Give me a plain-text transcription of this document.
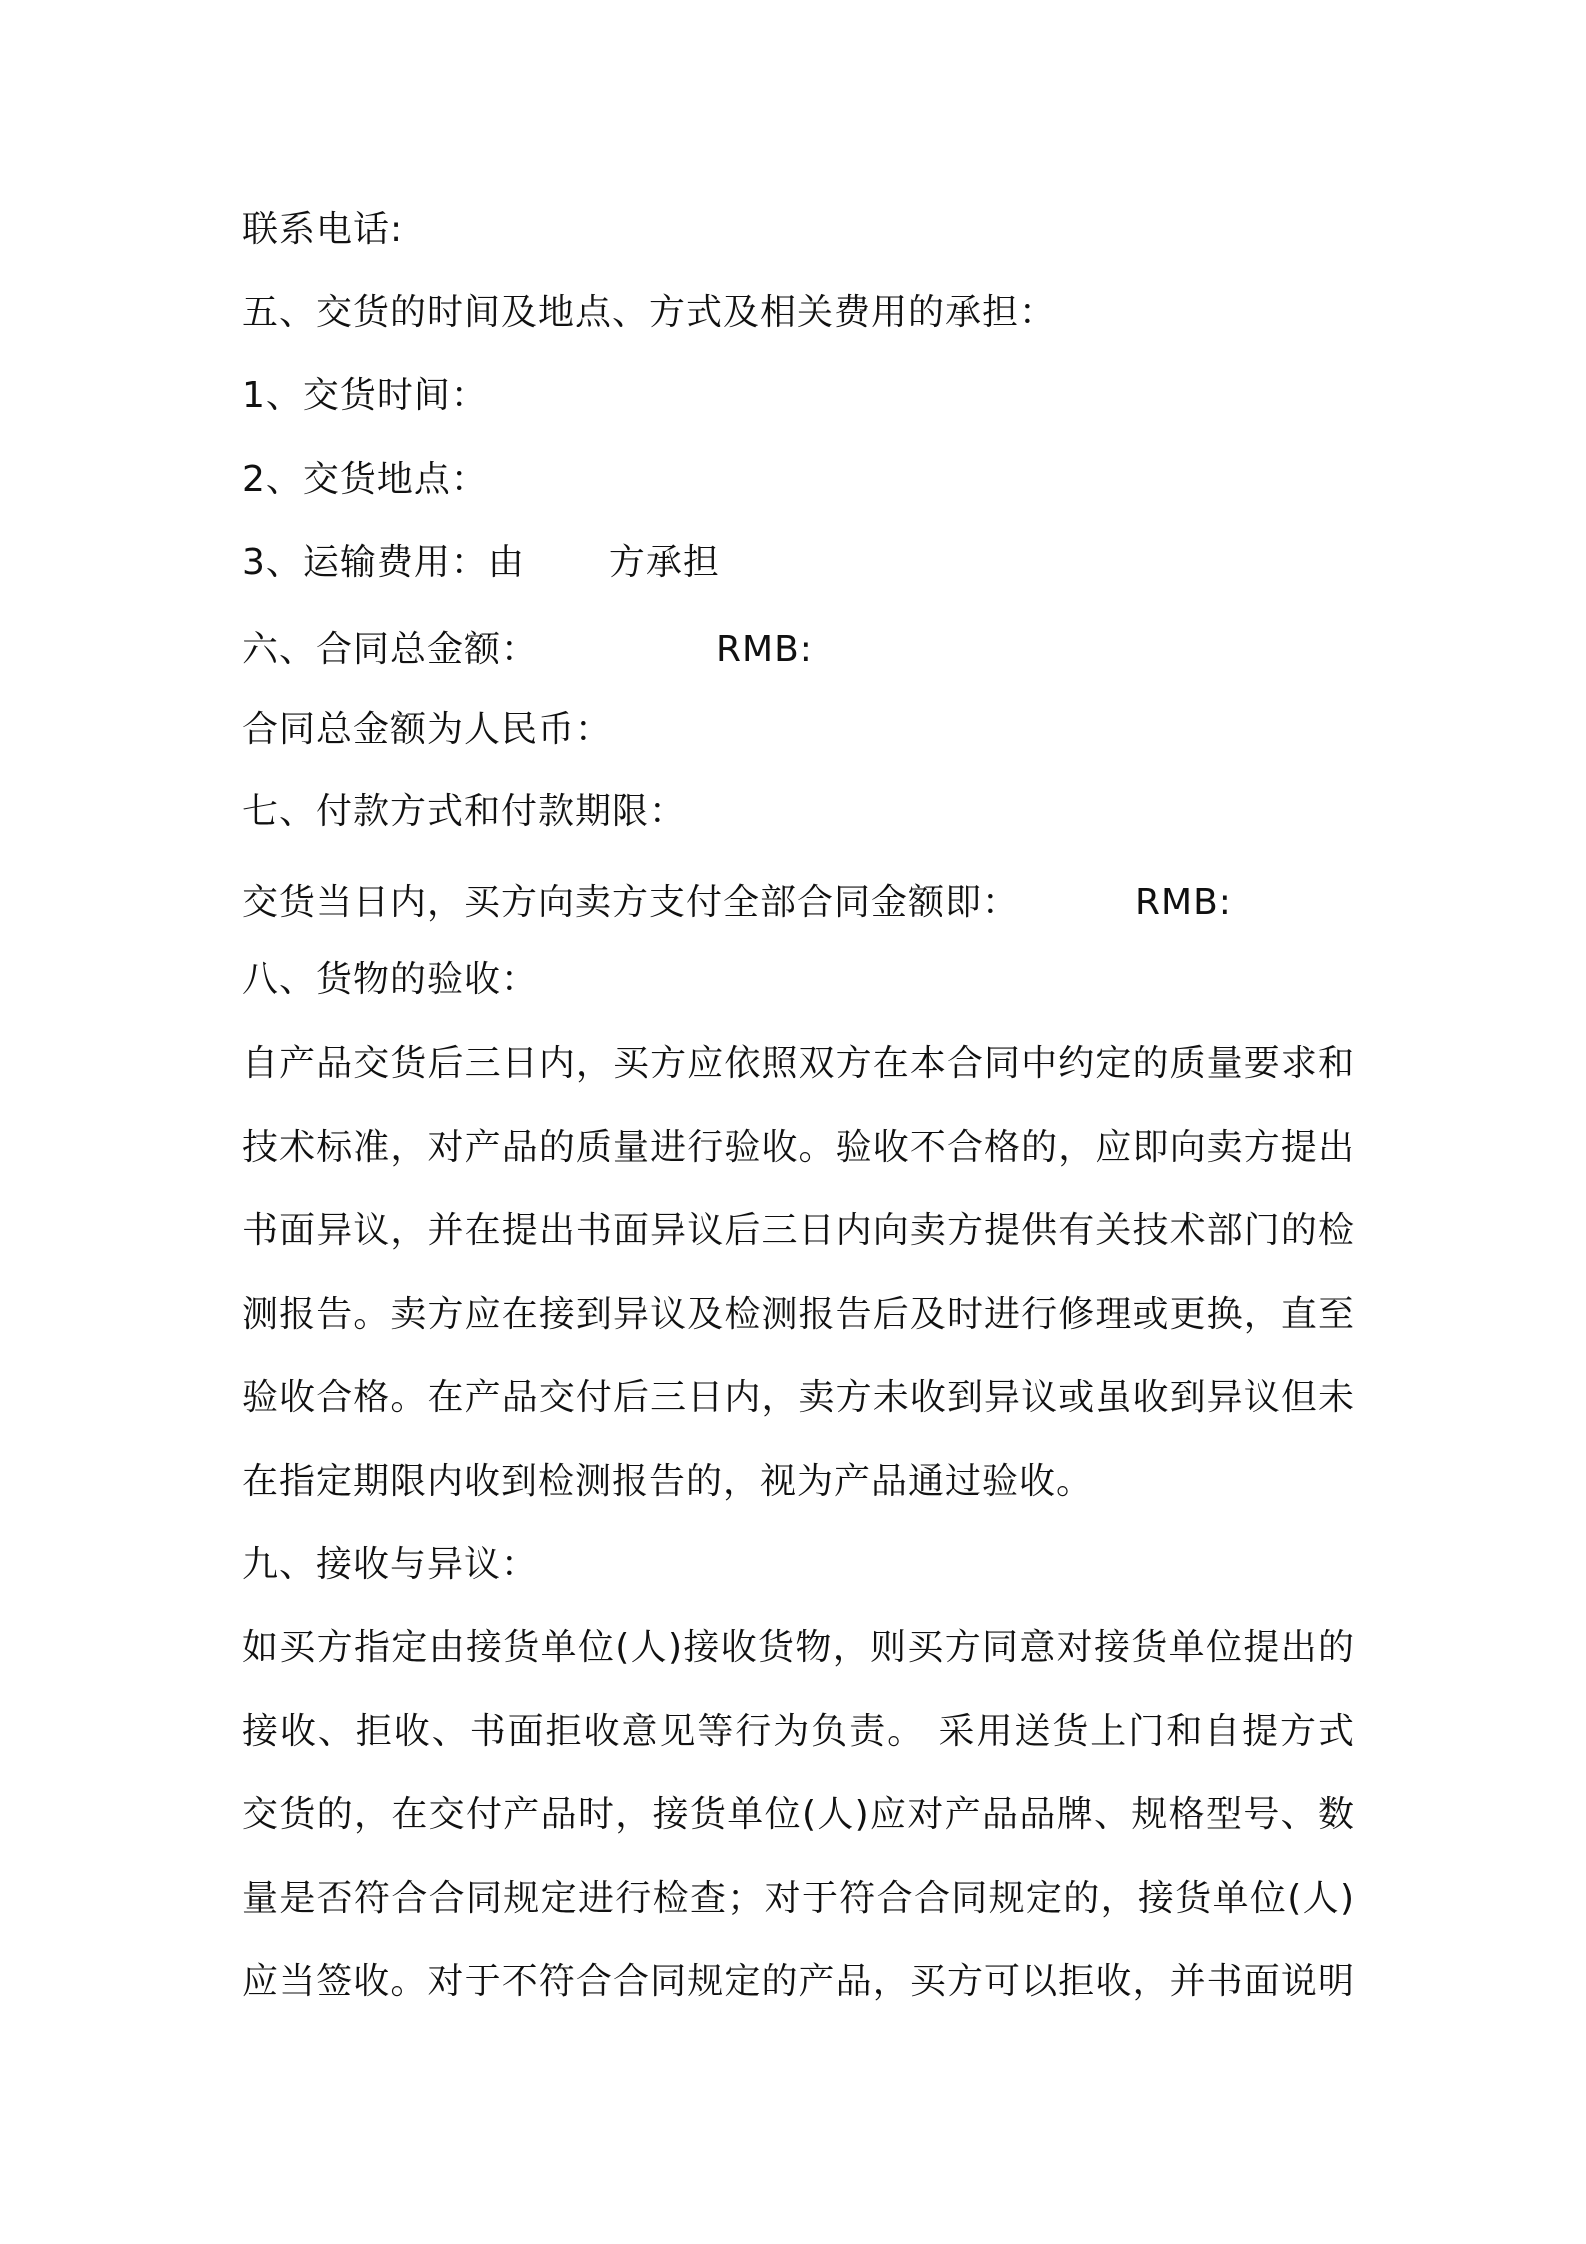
联系电话:
五、交货的时间及地点、方式及相关费用的承担：
1、交货时间：
2、交货地点：
3、运输费用：由 方承担
六、合同总金额：	RMB:
合同总金额为人民币：
七、付款方式和付款期限：
交货当日内，买方向卖方支付全部合同金额即：	RMB:
八、货物的验收：
自产品交货后三日内，买方应依照双方在本合同中约定的质量要求和
技术标准，对产品的质量进行验收。验收不合格的，应即向卖方提出
书面异议，并在提出书面异议后三日内向卖方提供有关技术部门的检
测报告。卖方应在接到异议及检测报告后及时进行修理或更换，直至
验收合格。在产品交付后三日内，卖方未收到异议或虽收到异议但未
在指定期限内收到检测报告的，视为产品通过验收。
九、接收与异议：
如买方指定由接货单位(人)接收货物，则买方同意对接货单位提出的
接收、拒收、书面拒收意见等行为负责。 采用送货上门和自提方式
交货的，在交付产品时，接货单位(人)应对产品品牌、规格型号、数
量是否符合合同规定进行检查；对于符合合同规定的，接货单位(人)
应当签收。对于不符合合同规定的产品，买方可以拒收，并书面说明
